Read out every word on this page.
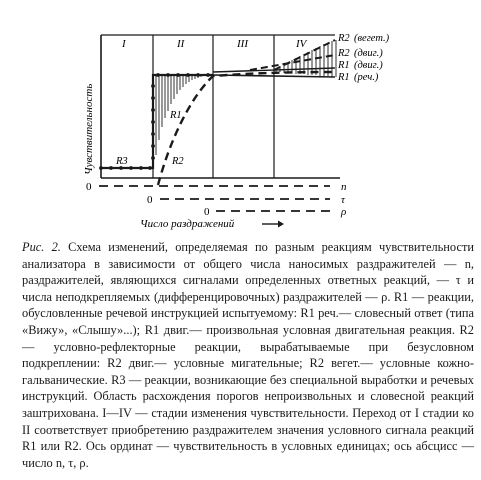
I	II	III	IV
Чувствительность
R2 (вегет.)
R2 (двиг.)
R1 (двиг.)
R1 (реч.)
R1
R2
R3
0	n
0	τ
0	ρ
Число раздражений

Рис. 2. Схема изменений, определяемая по разным реакциям чувствительности анализатора в зависимости от общего числа наносимых раздражителей — n, раздражителей, являющихся сигналами определенных ответных реакций, — τ и числа неподкрепляемых (дифференцировочных) раздражителей — ρ. R1 — реакции, обусловленные речевой инструкцией испытуемому: R1 реч.— словесный ответ (типа «Вижу», «Слышу»...); R1 двиг.— произвольная условная двигательная реакция. R2 — условно-рефлекторные реакции, вырабатываемые при безусловном подкреплении: R2 двиг.— условные мигательные; R2 вегет.— условные кожно-гальванические. R3 — реакции, возникающие без специальной выработки и речевых инструкций. Область расхождения порогов непроизвольных и словесной реакций заштрихована. I—IV — стадии изменения чувствительности. Переход от I стадии ко II соответствует приобретению раздражителем значения условного сигнала реакций R1 или R2. Ось ординат — чувствительность в условных единицах; ось абсцисс — число n, τ, ρ.
